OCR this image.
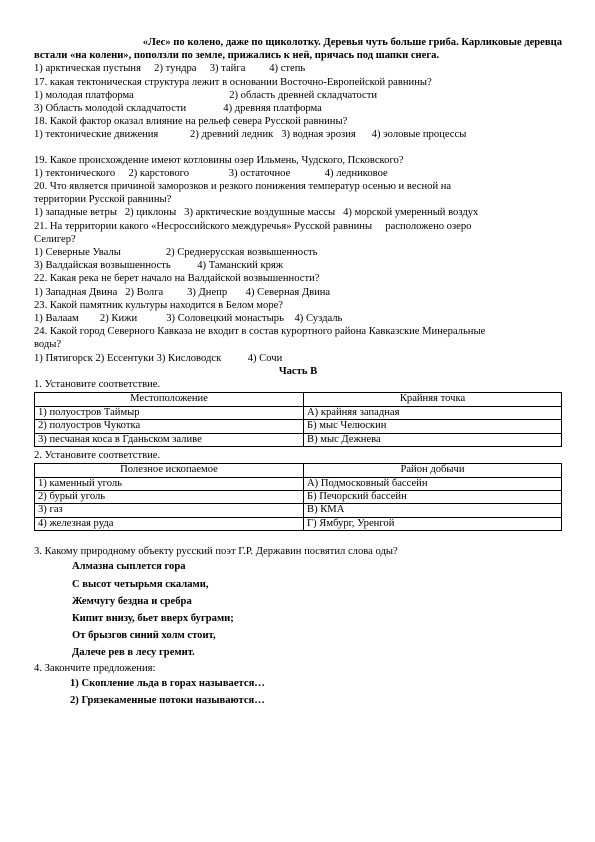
«Лес» по колено, даже по щиколотку. Деревья чуть больше гриба. Карликовые деревца
встали «на колени», поползли по земле, прижались к ней, прячась под шапки снега.
1) арктическая пустыня     2) тундра     3) тайга         4) степь
17. какая тектоническая структура лежит в основании Восточно-Европейской равнины?
1) молодая платформа                                    2) область древней складчатости
3) Область молодой складчатости              4) древняя платформа
18. Какой фактор оказал влияние на рельеф севера Русской равнины?
1) тектонические движения            2) древний ледник   3) водная эрозия      4) эоловые процессы
19. Какое происхождение имеют котловины озер Ильмень, Чудского, Псковского?
1) тектонического     2) карстового               3) остаточное             4) ледниковое
20. Что является причиной заморозков и резкого понижения температур осенью и весной на
территории Русской равнины?
1) западные ветры   2) циклоны   3) арктические воздушные массы   4) морской умеренный воздух
21. На территории какого «Несроссийского междуречья» Русской равнины     расположено озеро
Селигер?
1) Северные Увалы                 2) Среднерусская возвышенность
3) Валдайская возвышенность          4) Таманский кряж
22. Какая река не берет начало на Валдайской возвышенности?
1) Западная Двина   2) Волга         3) Днепр       4) Северная Двина
23. Какой памятник культуры находится в Белом море?
1) Валаам        2) Кижи           3) Соловецкий монастырь    4) Суздаль
24. Какой город Северного Кавказа не входит в состав курортного района Кавказские Минеральные
воды?
1) Пятигорск 2) Ессентуки 3) Кисловодск          4) Сочи
Часть В
1. Установите соответствие.
Местоположение	Крайняя точка
1) полуостров Таймыр	А) крайняя западная
2) полуостров Чукотка	Б) мыс Челюскин
3) песчаная коса в Гданьском заливе	В) мыс Дежнева
2. Установите соответствие.
Полезное ископаемое	Район добычи
1) каменный уголь	А) Подмосковный бассейн
2) бурый уголь	Б) Печорский бассейн
3) газ	В) КМА
4) железная руда	Г) Ямбург, Уренгой
3. Какому природному объекту русский поэт Г.Р. Державин посвятил слова оды?
Алмазна сыплется гора
С высот четырьмя скалами,
Жемчугу бездна и сребра
Кипит внизу, бьет вверх буграми;
От брызгов синий холм стоит,
Далече рев в лесу гремит.
4. Закончите предложения:
1) Скопление льда в горах называется…
2) Грязекаменные потоки называются…
